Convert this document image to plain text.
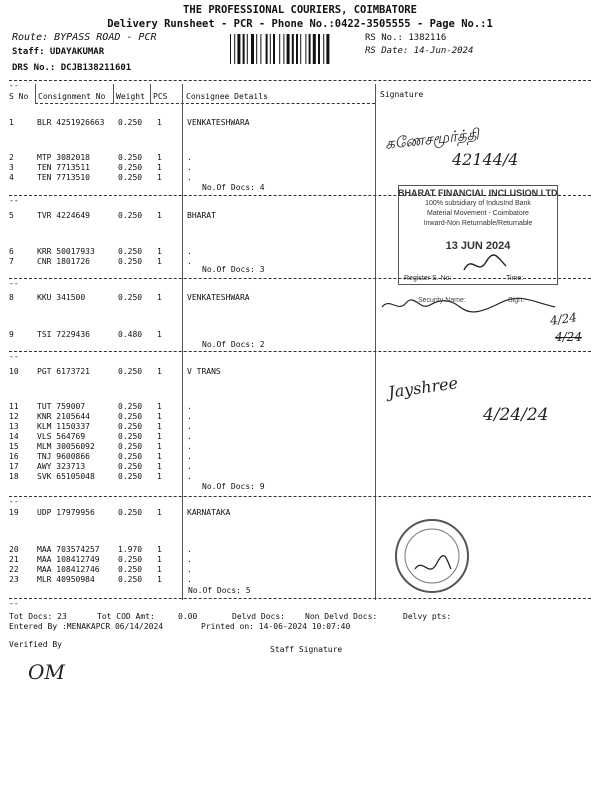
THE PROFESSIONAL COURIERS, COIMBATORE
Delivery Runsheet - PCR - Phone No.:0422-3505555 - Page No.:1
Route: BYPASS ROAD - PCR
Staff: UDAYAKUMAR
DRS No.: DCJB138211601
RS No.: 1382116
RS Date: 14-Jun-2024
--
S No Consignment No Weight PCS Consignee Details	Signature
1	BLR 4251926663 0.250 1	VENKATESHWARA
2	MTP 3082018	0.250 1	.
3	TEN 7713511	0.250 1	.
4	TEN 7713510	0.250 1	.
5	TVR 4224649	0.250 1	BHARAT
6	KRR 50017933	0.250 1	.
7	CNR 1801726	0.250 1	.
8	KKU 341500	0.250 1	VENKATESHWARA
9	TSI 7229436	0.480 1
10 PGT 6173721	0.250 1	V TRANS
11 TUT 759007	0.250 1	.
12 KNR 2105644	0.250 1	.
13 KLM 1150337	0.250 1	.
14 VLS 564769	0.250 1	.
15 MLM 30056092	0.250 1	.
16 TNJ 9600866	0.250 1	.
17 AWY 323713	0.250 1	.
18 SVK 65105048	0.250 1	.
19 UDP 17979956	0.250 1	KARNATAKA
20 MAA 703574257 1.970 1	.
21 MAA 108412749 0.250 1	.
22 MAA 108412746 0.250 1	.
23 MLR 40950984	0.250 1	.
--
--
--
--
--
No.Of Docs: 4
No.Of Docs: 3
No.Of Docs: 2
No.Of Docs: 9
No.Of Docs: 5
கணேசமூர்த்தி
42144/4
4/24
4/24
Jayshree
4/24/24
BHARAT FINANCIAL INCLUSION LTD.
100% subsidiary of IndusInd Bank
Material Movement - Coimbatore
Inward-Non Returnable/Returnable
13 JUN 2024
Register S. No:	Time:
Security Name:	Sign:
Tot Docs: 23	Tot COD Amt:	0.00	Delvd Docs:	Non Delvd Docs:	Delvy pts:
Entered By :MENAKAPCR 06/14/2024	Printed on: 14-06-2024 10:07:40
Verified By
Staff Signature
OM
